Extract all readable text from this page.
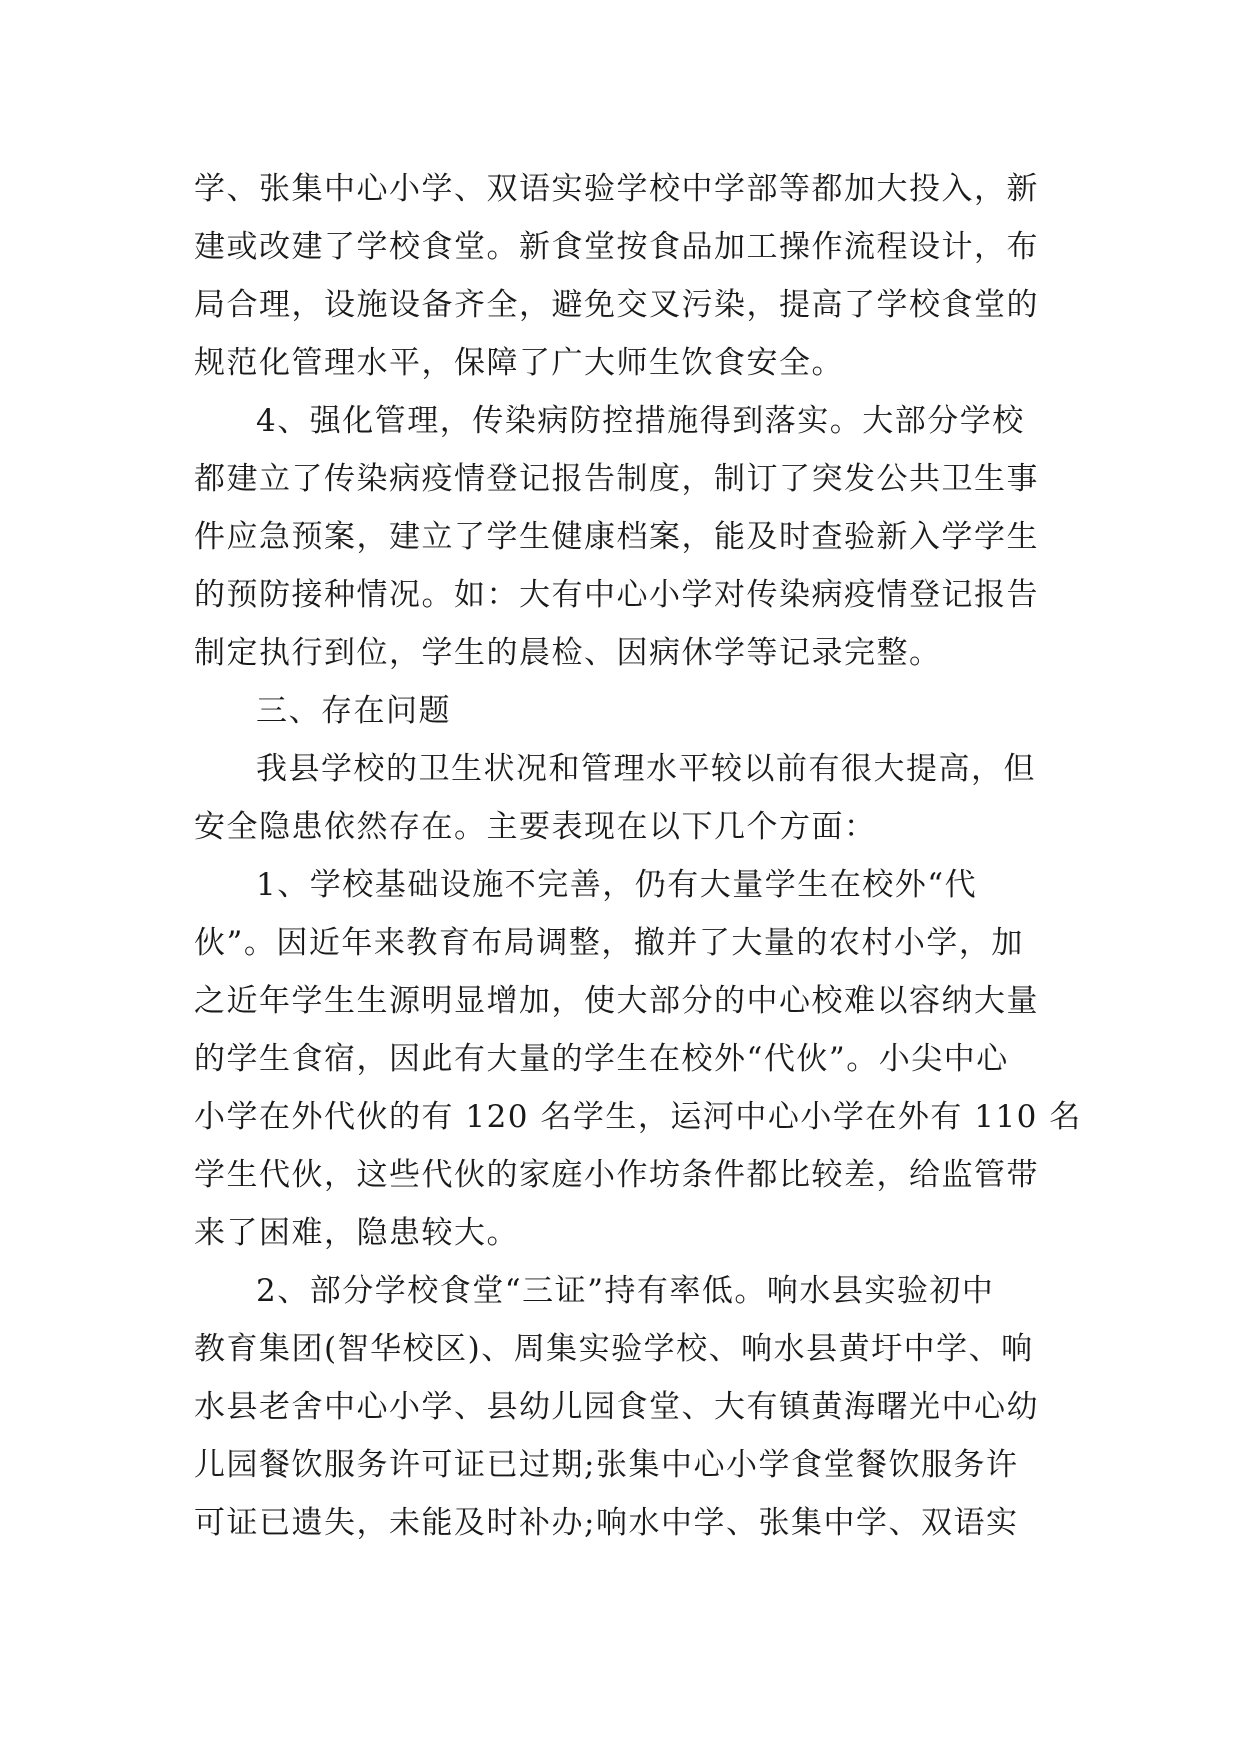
学、张集中心小学、双语实验学校中学部等都加大投入，新
建或改建了学校食堂。新食堂按食品加工操作流程设计，布
局合理，设施设备齐全，避免交叉污染，提高了学校食堂的
规范化管理水平，保障了广大师生饮食安全。
4、强化管理，传染病防控措施得到落实。大部分学校
都建立了传染病疫情登记报告制度，制订了突发公共卫生事
件应急预案，建立了学生健康档案，能及时查验新入学学生
的预防接种情况。如：大有中心小学对传染病疫情登记报告
制定执行到位，学生的晨检、因病休学等记录完整。
三、存在问题
我县学校的卫生状况和管理水平较以前有很大提高，但
安全隐患依然存在。主要表现在以下几个方面：
1、学校基础设施不完善，仍有大量学生在校外“代
伙”。因近年来教育布局调整，撤并了大量的农村小学，加
之近年学生生源明显增加，使大部分的中心校难以容纳大量
的学生食宿，因此有大量的学生在校外“代伙”。小尖中心
小学在外代伙的有 120 名学生，运河中心小学在外有 110 名
学生代伙，这些代伙的家庭小作坊条件都比较差，给监管带
来了困难，隐患较大。
2、部分学校食堂“三证”持有率低。响水县实验初中
教育集团(智华校区)、周集实验学校、响水县黄圩中学、响
水县老舍中心小学、县幼儿园食堂、大有镇黄海曙光中心幼
儿园餐饮服务许可证已过期;张集中心小学食堂餐饮服务许
可证已遗失，未能及时补办;响水中学、张集中学、双语实
